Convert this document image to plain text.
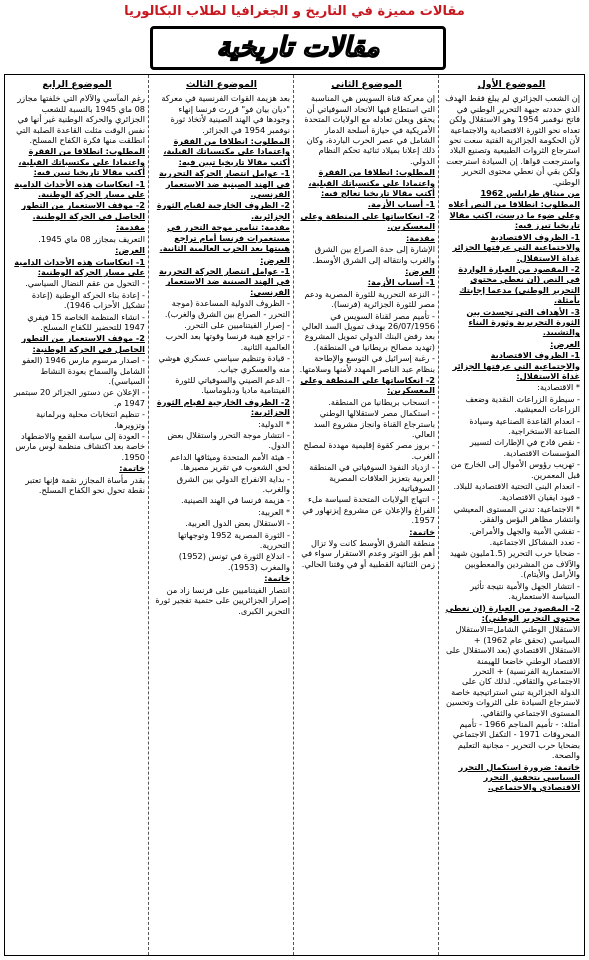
مقالات مميزة في التاريخ و الجغرافيا لطلاب البكالوريا
مقالات تاريخية
الموضوع الأول

إن الشعب الجزائري لم يبلغ فقط الهدف الذي حددته جبهة التحرير الوطني في فاتح نوفمبر 1954 وهو الاستقلال ولكن تعداه نحو الثورة الاقتصادية والاجتماعية لأن الحكومة الجزائرية الفتية سعت نحو استرجاع الثروات الطبيعية وتصنيع البلاد واسترجعت قواها. إن السيادة استرجعت ولكن بقي أن نعطي محتوى التحرير الوطني.

من ميثاق طرابلس 1962

المطلوب: انطلاقا من النص أعلاه وعلى ضوء ما درست، اكتب مقالا تاريخيا تبرز فيه:

1- الظروف الاقتصادية والاجتماعية التي عرفتها الجزائر غداة الاستقلال.

2- المقصود من العبارة الواردة في النص (ان نعطي محتوى التحرير الوطني) مدعما إجابتك بأمثلة.

3- الأهداف التي تجسدت بين الثورة التحريرية وثورة البناء والتشييد.

العرض:

1- الظروف الاقتصادية والاجتماعية التي عرفتها الجزائر غداة الاستقلال:

* الاقتصادية:

- سيطرة الزراعات النقدية وضعف الزراعات المعيشية.

- انعدام القاعدة الصناعية وسيادة الصناعة الاستخراجية.

- نقص فادح في الإطارات لتسيير المؤسسات الاقتصادية.

- تهريب رؤوس الأموال إلى الخارج من قبل المعمرين.

- انعدام البنى التحتية الاقتصادية للبلاد.

- قيود ايفيان الاقتصادية.

* الاجتماعية: تدني المستوى المعيشي وانتشار مظاهر البؤس والفقر.

- تفشي الأمية والجهل والأمراض.

- تعدد المشاكل الاجتماعية.

- ضحايا حرب التحرير (1.5مليون شهيد والآلاف من المشردين والمعطوبين والأرامل والأيتام).

- انتشار الجهل والأمية نتيجة تأثير السياسة الاستعمارية.

2- المقصود من العبارة (ان نعطي محتوى التحرير الوطني):

الاستقلال الوطني الشامل=الاستقلال السياسي (تحقق عام 1962) + الاستقلال الاقتصادي (بعد الاستقلال على الاقتصاد الوطني خاضعا للهيمنة الاستعمارية الفرنسية) + التحرر الاجتماعي والثقافي. لذلك كان على الدولة الجزائرية تبني استراتيجية خاصة لاسترجاع السيادة على الثروات وتحسين المستوى الاجتماعي والثقافي.

أمثلة: - تأميم المناجم 1966 - تأميم المحروقات 1971 - التكفل الاجتماعي بضحايا حرب التحرير - مجانية التعليم والصحة.

خاتمة: ضرورة استكمال التحرر السياسي بتحقيق التحرر الاقتصادي والاجتماعي.

الموضوع الثاني

إن معركة قناة السويس هي المناسبة التي استطاع فيها الاتحاد السوفياتي أن يحقق ويعلن تعادله مع الولايات المتحدة الأمريكية في حيازة أسلحة الدمار الشامل في عصر الحرب الباردة، وكان ذلك إعلانا بميلاد ثنائية تحكم النظام الدولي.

المطلوب: انطلاقا من الفقرة واعتمادا على مكتسباتك القبلية، أكتب مقالا تاريخيا تعالج فيه:

1- أسباب الأزمة.

2- انعكاساتها على المنطقة وعلى المعسكرين.

مقدمة:

الإشارة إلى حدة الصراع بين الشرق والغرب وانتقاله إلى الشرق الأوسط.

العرض:

1- أسباب الأزمة:

- النزعة التحررية للثورة المصرية ودعم مصر للثورة الجزائرية (فرنسا).

- تأميم مصر لقناة السويس في 26/07/1956 بهدف تمويل السد العالي بعد رفض البنك الدولي تمويل المشروع (تهديد مصالح بريطانيا في المنطقة).

- رغبة إسرائيل في التوسع والإطاحة بنظام عبد الناصر المهدد لأمنها وسلامتها.

2- انعكاساتها على المنطقة وعلى المعسكرين:

- انسحاب بريطانيا من المنطقة.

- استكمال مصر لاستقلالها الوطني باسترجاع القناة وانجاز مشروع السد العالي.

- بروز مصر كقوة إقليمية مهددة لمصلح الغرب.

- ازدياد النفوذ السوفياتي في المنطقة العربية بتعزيز العلاقات المصرية السوفياتية.

- انتهاج الولايات المتحدة لسياسة ملء الفراغ والإعلان عن مشروع إيزنهاور في 1957.

خاتمة:

منطقة الشرق الأوسط كانت ولا تزال أهم بؤر التوتر وعدم الاستقرار سواء في زمن الثنائية القطبية أو في وقتنا الحالي.

الموضوع الثالث

بعد هزيمة القوات الفرنسية في معركة "ديان بيان فو" قررت فرنسا إنهاء وجودها في الهند الصينية لأتخاذ ثورة نوفمبر 1954 في الجزائر.

المطلوب: انطلاقا من الفقرة واعتمادا على مكتسباتك القبلية، أكتب مقالا تاريخيا تبين فيه:

1- عوامل انتصار الحركة التحررية في الهند الصينية ضد الاستعمار الفرنسي.

2- الظروف الخارجية لقيام الثورة الجزائرية.

مقدمة: تنامي موجة التحرر في مستعمرات فرنسا أمام تراجع هيبتها بعد الحرب العالمية الثانية.

العرض:

1- عوامل انتصار الحركة التحررية في الهند الصينية ضد الاستعمار الفرنسي:

- الظروف الدولية المساعدة (موجة التحرر - الصراع بين الشرق والغرب).

- إصرار الفيتناميين على التحرر.

- تراجع هيبة فرنسا وقوتها بعد الحرب العالمية الثانية.

- قيادة وتنظيم سياسي عسكري هوشي منه والعسكري جياب.

- الدعم الصيني والسوفياتي للثورة الفيتنامية ماديا ودبلوماسيا.

2- الظروف الخارجية لقيام الثورة الجزائرية:

* الدولية:

- انتشار موجة التحرر واستقلال بعض الدول.

- هيئة الأمم المتحدة وميثاقها الداعم لحق الشعوب في تقرير مصيرها.

- بداية الانفراج الدولي بين الشرق والغرب.

- هزيمة فرنسا في الهند الصينية.

* العربية:

- الاستقلال بعض الدول العربية.

- الثورة المصرية 1952 وتوجهاتها التحررية.

- اندلاع الثورة في تونس (1952) والمغرب (1953).

خاتمة:

انتصار الفيتناميين على فرنسا زاد من إصرار الجزائريين على حتمية تفجير ثورة التحرير الكبرى.

الموضوع الرابع

رغم المآسي والآلام التي خلفتها مجازر 08 ماي 1945 بالنسبة للشعب الجزائري والحركة الوطنية غير أنها في نفس الوقت مثلت القاعدة الصلبة التي انطلقت منها فكرة الكفاح المسلح.

المطلوب: انطلاقا من الفقرة واعتمادا على مكتسباتك القبلية، أكتب مقالا تاريخيا تبين فيه:

1- انعكاسات هذه الأحداث الدامية على مسار الحركة الوطنية.

2- موقف الاستعمار من التطور الحاصل في الحركة الوطنية.

مقدمة:

التعريف بمجازر 08 ماي 1945.

العرض:

1- انعكاسات هذه الأحداث الدامية على مسار الحركة الوطنية:

- التحول من عقم النضال السياسي.

- إعادة بناء الحركة الوطنية (إعادة تشكيل الأحزاب 1946).

- انشاء المنظمة الخاصة 15 فيفري 1947 للتحضير للكفاح المسلح.

2- موقف الاستعمار من التطور الحاصل في الحركة الوطنية:

- اصدار مرسوم مارس 1946 (العفو الشامل والسماح بعودة النشاط السياسي).

- الإعلان عن دستور الجزائر 20 سبتمبر 1947 م.

- تنظيم انتخابات محلية وبرلمانية وتزويرها.

- العودة إلى سياسة القمع والاضطهاد خاصة بعد اكتشاف منظمة لوس مارس 1950.

خاتمة:

بقدر مأساة المجازر نقمة فإنها تعتبر نقطة تحول نحو الكفاح المسلح.
